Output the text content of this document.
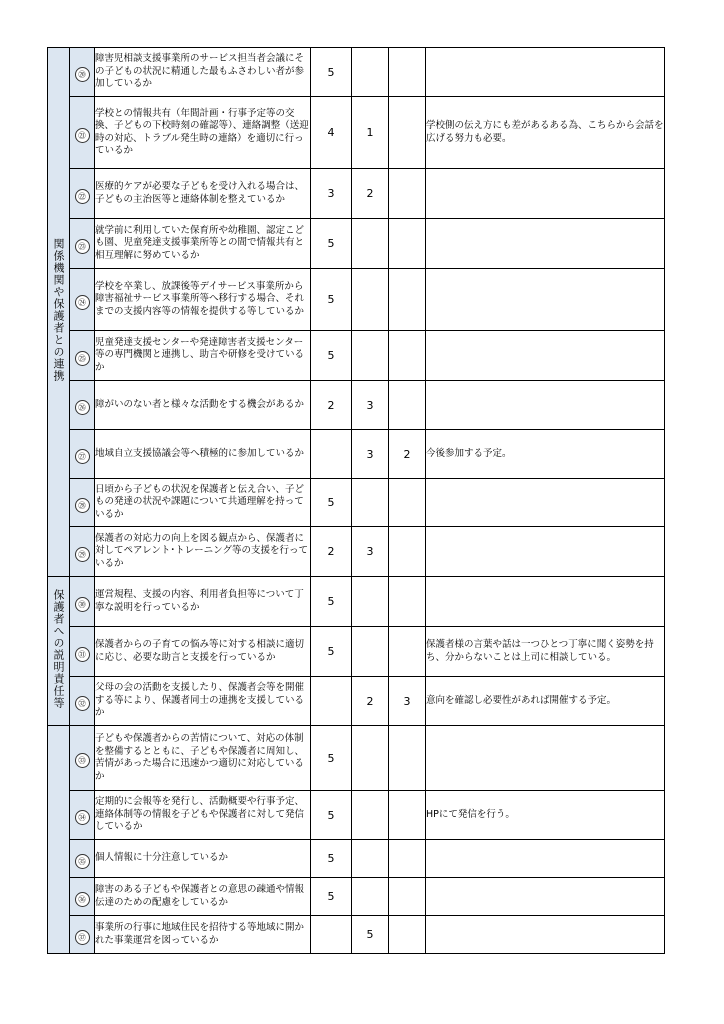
関係機関や保護者との連携	⑳	障害児相談支援事業所のサービス担当者会議にその子どもの状況に精通した最もふさわしい者が参加しているか	5			
	㉑	学校との情報共有（年間計画・行事予定等の交換、子どもの下校時刻の確認等）、連絡調整（送迎時の対応、トラブル発生時の連絡）を適切に行っているか	4	1		学校側の伝え方にも差があるある為、こちらから会話を広げる努力も必要。
	㉒	医療的ケアが必要な子どもを受け入れる場合は、子どもの主治医等と連絡体制を整えているか	3	2		
	㉓	就学前に利用していた保育所や幼稚園、認定こども園、児童発達支援事業所等との間で情報共有と相互理解に努めているか	5			
	㉔	学校を卒業し、放課後等デイサービス事業所から障害福祉サービス事業所等へ移行する場合、それまでの支援内容等の情報を提供する等しているか	5			
	㉕	児童発達支援センターや発達障害者支援センター等の専門機関と連携し、助言や研修を受けているか	5			
	㉖	障がいのない者と様々な活動をする機会があるか	2	3		
	㉗	地域自立支援協議会等へ積極的に参加しているか		3	2	今後参加する予定。
	㉘	日頃から子どもの状況を保護者と伝え合い、子どもの発達の状況や課題について共通理解を持っているか	5			
	㉙	保護者の対応力の向上を図る観点から、保護者に対してペアレント･トレーニング等の支援を行っているか	2	3		
保護者への説明責任等	㉚	運営規程、支援の内容、利用者負担等について丁寧な説明を行っているか	5			
	㉛	保護者からの子育ての悩み等に対する相談に適切に応じ、必要な助言と支援を行っているか	5			保護者様の言葉や話は一つひとつ丁寧に聞く姿勢を持ち、分からないことは上司に相談している。
	㉜	父母の会の活動を支援したり、保護者会等を開催する等により、保護者同士の連携を支援しているか		2	3	意向を確認し必要性があれば開催する予定。
	㉝	子どもや保護者からの苦情について、対応の体制を整備するとともに、子どもや保護者に周知し、苦情があった場合に迅速かつ適切に対応しているか	5			
	㉞	定期的に会報等を発行し、活動概要や行事予定、連絡体制等の情報を子どもや保護者に対して発信しているか	5			HPにて発信を行う。
	㉟	個人情報に十分注意しているか	5			
	㊱	障害のある子どもや保護者との意思の疎通や情報伝達のための配慮をしているか	5			
	㊲	事業所の行事に地域住民を招待する等地域に開かれた事業運営を図っているか		5		
